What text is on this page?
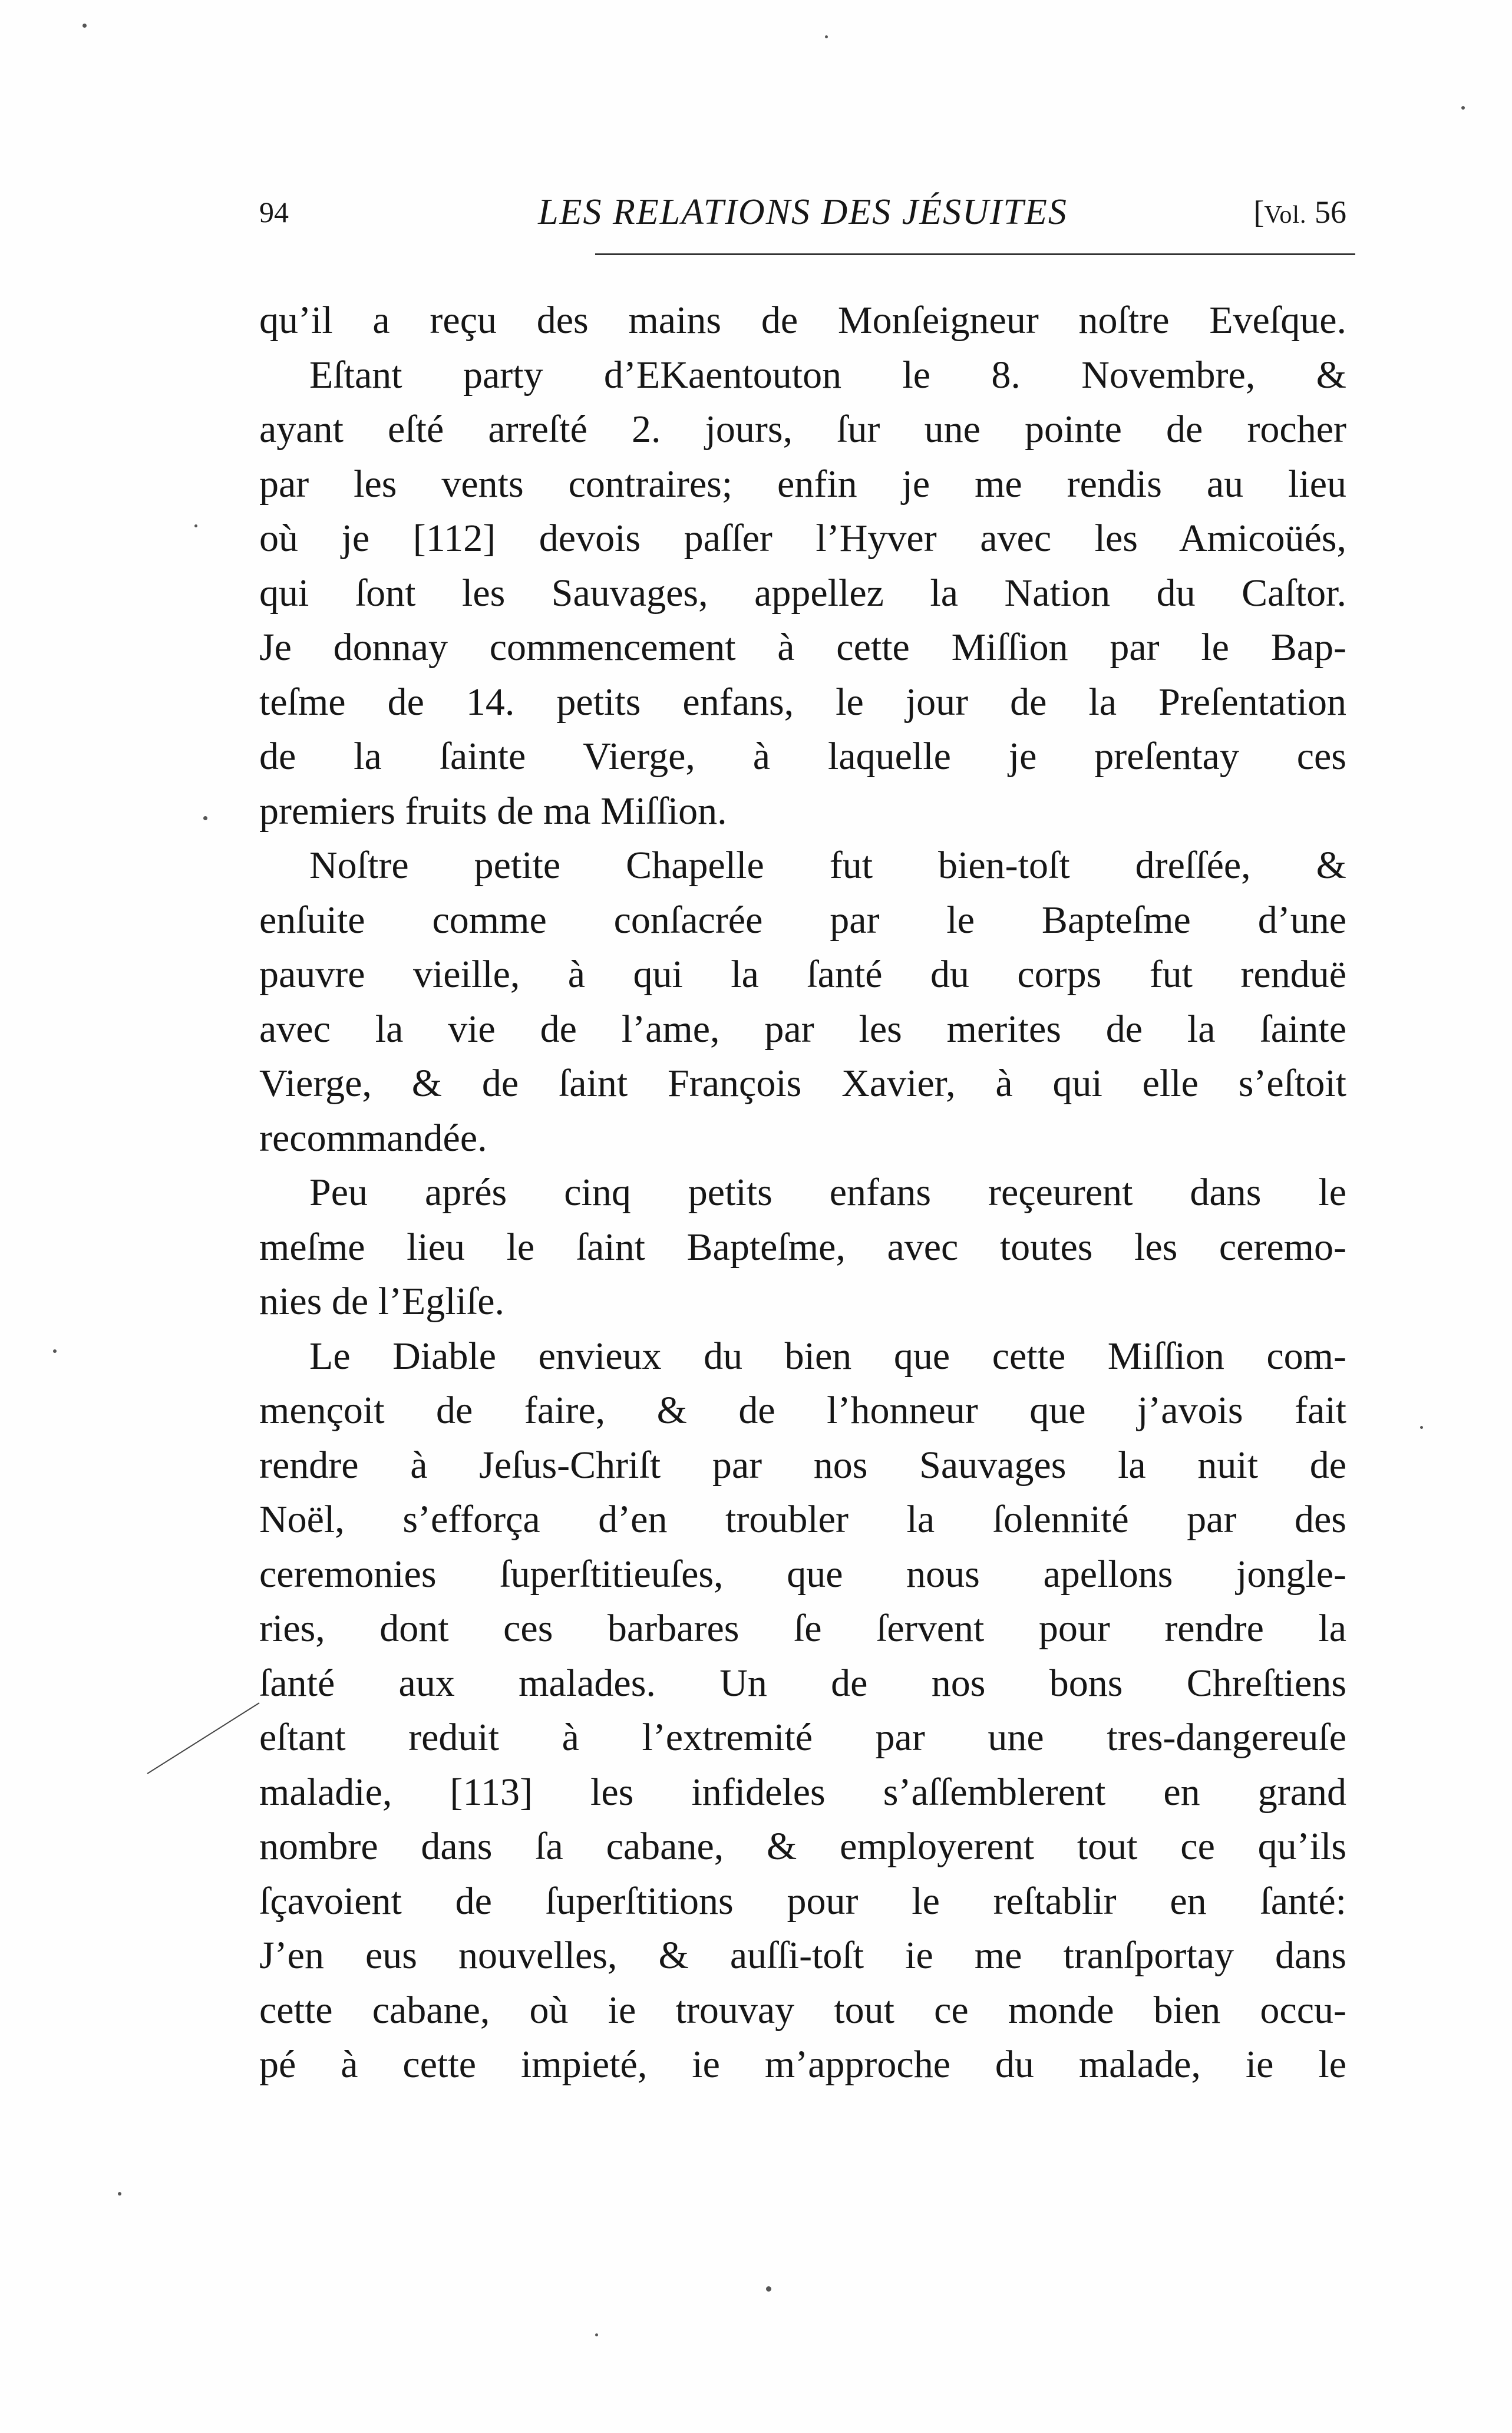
94	LES RELATIONS DES JÉSUITES	[Vol. 56
qu’il a reçu des mains de Monſeigneur noſtre Eveſque.
Eſtant party d’EKaentouton le 8. Novembre, &
ayant eſté arreſté 2. jours, ſur une pointe de rocher
par les vents contraires; enfin je me rendis au lieu
où je [112] devois paſſer l’Hyver avec les Amicoüés,
qui ſont les Sauvages, appellez la Nation du Caſtor.
Je donnay commencement à cette Miſſion par le Bap-
teſme de 14. petits enfans, le jour de la Preſentation
de la ſainte Vierge, à laquelle je preſentay ces
premiers fruits de ma Miſſion.
Noſtre petite Chapelle fut bien-toſt dreſſée, &
enſuite comme conſacrée par le Bapteſme d’une
pauvre vieille, à qui la ſanté du corps fut renduë
avec la vie de l’ame, par les merites de la ſainte
Vierge, & de ſaint François Xavier, à qui elle s’eſtoit
recommandée.
Peu aprés cinq petits enfans reçeurent dans le
meſme lieu le ſaint Bapteſme, avec toutes les ceremo-
nies de l’Egliſe.
Le Diable envieux du bien que cette Miſſion com-
mençoit de faire, & de l’honneur que j’avois fait
rendre à Jeſus-Chriſt par nos Sauvages la nuit de
Noël, s’efforça d’en troubler la ſolennité par des
ceremonies ſuperſtitieuſes, que nous apellons jongle-
ries, dont ces barbares ſe ſervent pour rendre la
ſanté aux malades. Un de nos bons Chreſtiens
eſtant reduit à l’extremité par une tres-dangereuſe
maladie, [113] les infideles s’aſſemblerent en grand
nombre dans ſa cabane, & employerent tout ce qu’ils
ſçavoient de ſuperſtitions pour le reſtablir en ſanté:
J’en eus nouvelles, & auſſi-toſt ie me tranſportay dans
cette cabane, où ie trouvay tout ce monde bien occu-
pé à cette impieté, ie m’approche du malade, ie le
